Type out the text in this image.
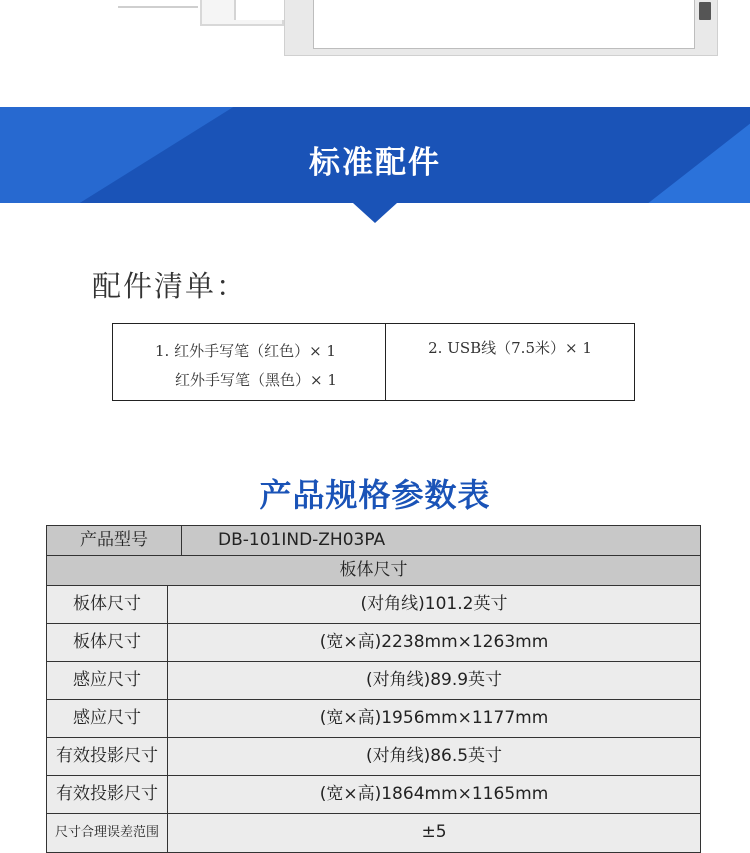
标准配件
配件清单：
1. 红外手写笔（红色）× 1
红外手写笔（黑色）× 1
2. USB线（7.5米）× 1
产品规格参数表
产品型号	DB-101IND-ZH03PA
板体尺寸
板体尺寸	(对角线)101.2英寸
板体尺寸	(宽×高)2238mm×1263mm
感应尺寸	(对角线)89.9英寸
感应尺寸	(宽×高)1956mm×1177mm
有效投影尺寸	(对角线)86.5英寸
有效投影尺寸	(宽×高)1864mm×1165mm
尺寸合理误差范围	±5
